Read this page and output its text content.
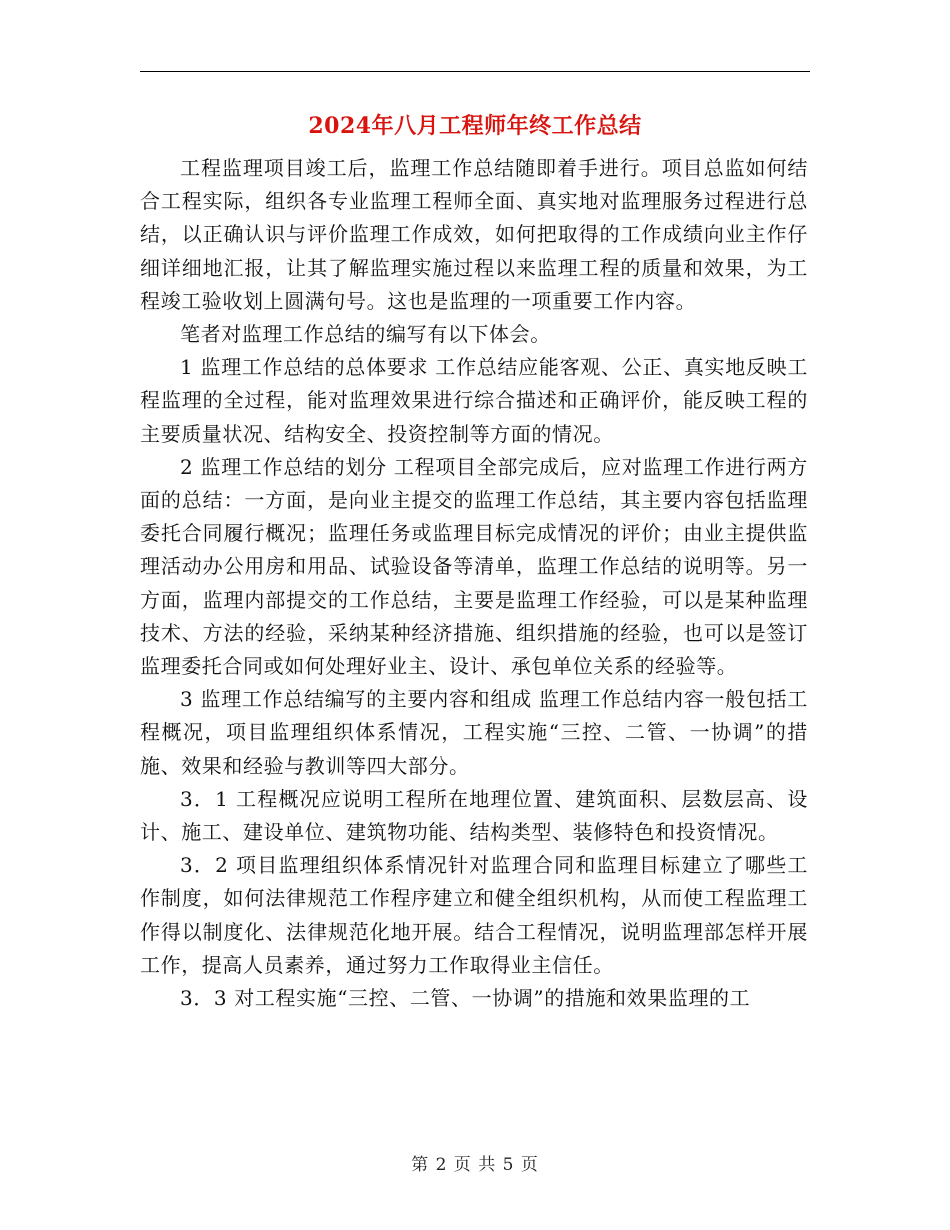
2024年八月工程师年终工作总结

工程监理项目竣工后，监理工作总结随即着手进行。项目总监如何结合工程实际，组织各专业监理工程师全面、真实地对监理服务过程进行总结，以正确认识与评价监理工作成效，如何把取得的工作成绩向业主作仔细详细地汇报，让其了解监理实施过程以来监理工程的质量和效果，为工程竣工验收划上圆满句号。这也是监理的一项重要工作内容。

笔者对监理工作总结的编写有以下体会。

1 监理工作总结的总体要求 工作总结应能客观、公正、真实地反映工程监理的全过程，能对监理效果进行综合描述和正确评价，能反映工程的主要质量状况、结构安全、投资控制等方面的情况。

2 监理工作总结的划分 工程项目全部完成后，应对监理工作进行两方面的总结：一方面，是向业主提交的监理工作总结，其主要内容包括监理委托合同履行概况；监理任务或监理目标完成情况的评价；由业主提供监理活动办公用房和用品、试验设备等清单，监理工作总结的说明等。另一方面，监理内部提交的工作总结，主要是监理工作经验，可以是某种监理技术、方法的经验，采纳某种经济措施、组织措施的经验，也可以是签订监理委托合同或如何处理好业主、设计、承包单位关系的经验等。

3 监理工作总结编写的主要内容和组成 监理工作总结内容一般包括工程概况，项目监理组织体系情况，工程实施“三控、二管、一协调”的措施、效果和经验与教训等四大部分。

3．1 工程概况应说明工程所在地理位置、建筑面积、层数层高、设计、施工、建设单位、建筑物功能、结构类型、装修特色和投资情况。

3．2 项目监理组织体系情况针对监理合同和监理目标建立了哪些工作制度，如何法律规范工作程序建立和健全组织机构，从而使工程监理工作得以制度化、法律规范化地开展。结合工程情况，说明监理部怎样开展工作，提高人员素养，通过努力工作取得业主信任。

3．3 对工程实施“三控、二管、一协调”的措施和效果监理的工

第 2 页 共 5 页
